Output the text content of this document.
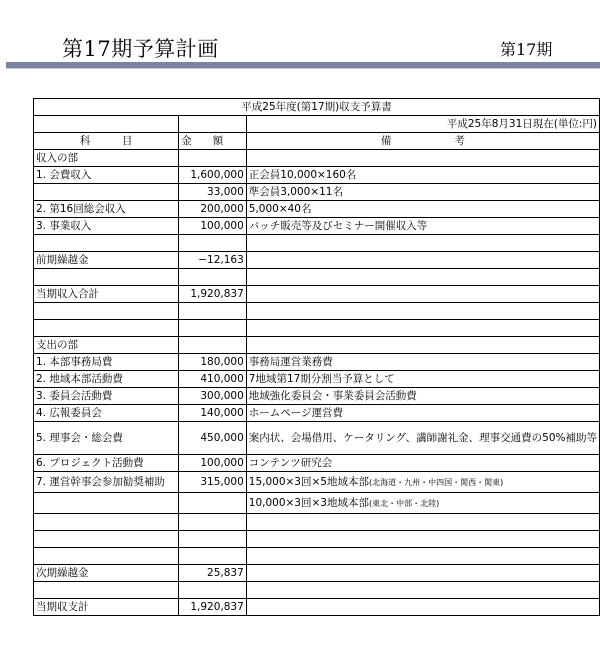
第17期予算計画	第17期
平成25年度(第17期)収支予算書		
		平成25年8月31日現在(単位:円)
科　　　目	金　　額	備　　　　　　考
収入の部		
1. 会費収入	1,600,000	正会員10,000×160名
	33,000	準会員3,000×11名
2. 第16回総会収入	200,000	5,000×40名
3. 事業収入	100,000	バッチ販売等及びセミナー開催収入等

前期繰越金	−12,163	

当期収入合計	1,920,837	

支出の部		
1. 本部事務局費	180,000	事務局運営業務費
2. 地域本部活動費	410,000	7地域第17期分割当予算として
3. 委員会活動費	300,000	地域強化委員会・事業委員会活動費
4. 広報委員会	140,000	ホームページ運営費
5. 理事会・総会費	450,000	案内状、会場借用、ケータリング、講師謝礼金、理事交通費の50%補助等
6. プロジェクト活動費	100,000	コンテンツ研究会
7. 運営幹事会参加勧奨補助	315,000	15,000×3回×5地域本部(北海道・九州・中四国・関西・関東)
		10,000×3回×3地域本部(東北・中部・北陸)

次期繰越金	25,837	

当期収支計	1,920,837	
